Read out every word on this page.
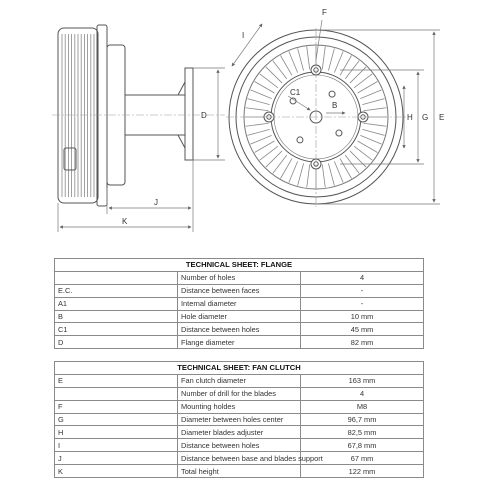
D
J
K
E
G
H
I
F
C1
B
TECHNICAL SHEET: FLANGE		
	Number of holes	4
E.C.	Distance between faces	-
A1	Internal diameter	-
B	Hole diameter	10 mm
C1	Distance between holes	45 mm
D	Flange diameter	82 mm
TECHNICAL SHEET: FAN CLUTCH		
E	Fan clutch diameter	163 mm
	Number of drill for the blades	4
F	Mounting holdes	M8
G	Diameter between holes center	96,7 mm
H	Diameter blades adjuster	82,5 mm
I	Distance between holes	67,8 mm
J	Distance between base and blades support	67 mm
K	Total height	122 mm
